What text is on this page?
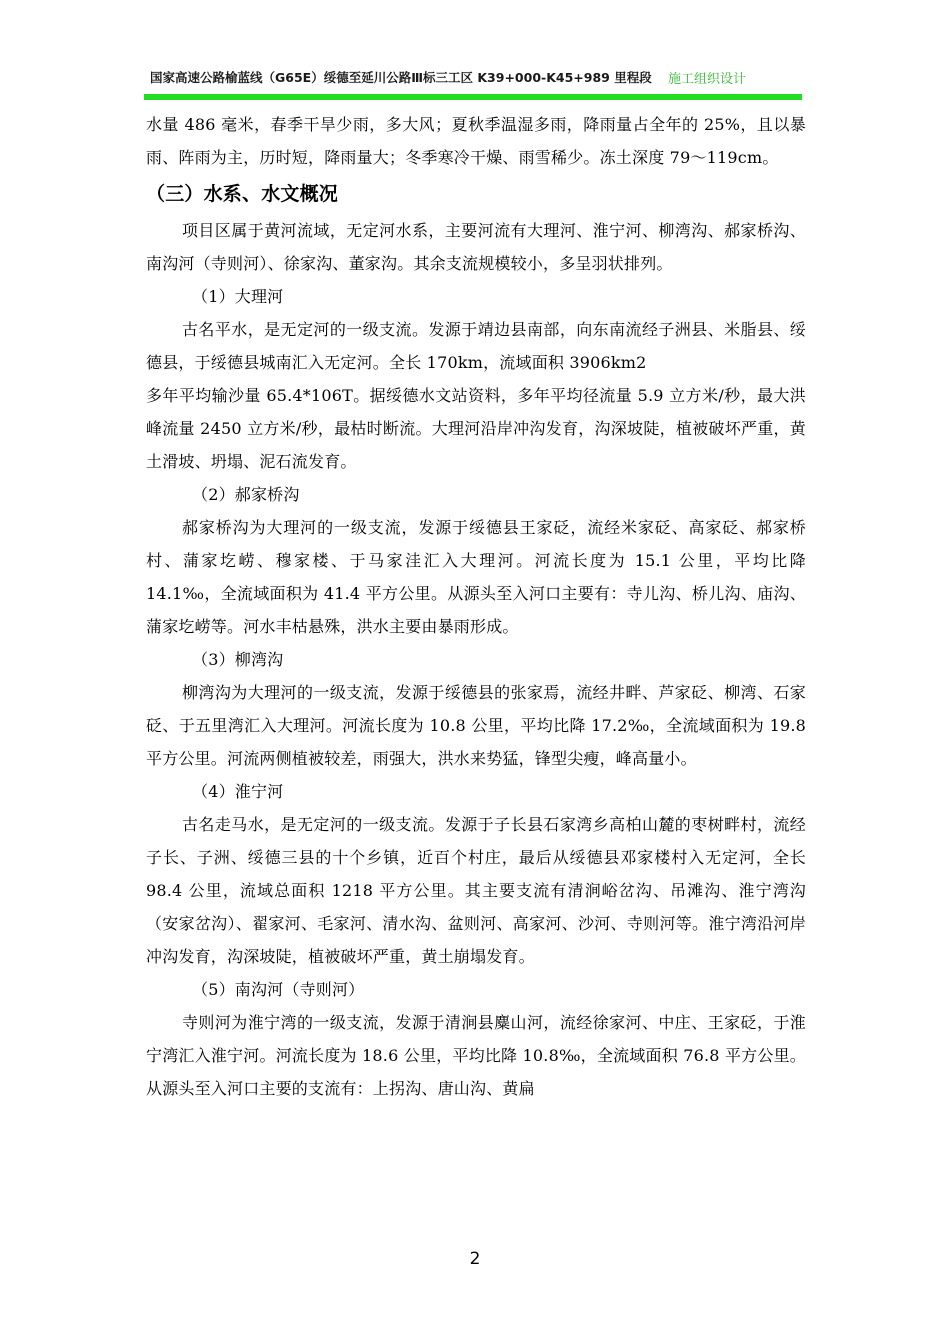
国家高速公路榆蓝线（G65E）绥德至延川公路Ⅲ标三工区 K39+000-K45+989 里程段 施工组织设计

水量 486 毫米，春季干旱少雨，多大风；夏秋季温湿多雨，降雨量占全年的 25%，且以暴雨、阵雨为主，历时短，降雨量大；冬季寒冷干燥、雨雪稀少。冻土深度 79～119cm。

（三）水系、水文概况

项目区属于黄河流域，无定河水系，主要河流有大理河、淮宁河、柳湾沟、郝家桥沟、南沟河（寺则河）、徐家沟、董家沟。其余支流规模较小，多呈羽状排列。

（1）大理河

古名平水，是无定河的一级支流。发源于靖边县南部，向东南流经子洲县、米脂县、绥德县，于绥德县城南汇入无定河。全长 170km，流域面积 3906km2

多年平均输沙量 65.4*106T。据绥德水文站资料，多年平均径流量 5.9 立方米/秒，最大洪峰流量 2450 立方米/秒，最枯时断流。大理河沿岸冲沟发育，沟深坡陡，植被破坏严重，黄土滑坡、坍塌、泥石流发育。

（2）郝家桥沟

郝家桥沟为大理河的一级支流，发源于绥德县王家砭，流经米家砭、高家砭、郝家桥村、蒲家圪崂、穆家楼、于马家洼汇入大理河。河流长度为 15.1 公里，平均比降 14.1‰，全流域面积为 41.4 平方公里。从源头至入河口主要有：寺儿沟、桥儿沟、庙沟、蒲家圪崂等。河水丰枯悬殊，洪水主要由暴雨形成。

（3）柳湾沟

柳湾沟为大理河的一级支流，发源于绥德县的张家焉，流经井畔、芦家砭、柳湾、石家砭、于五里湾汇入大理河。河流长度为 10.8 公里，平均比降 17.2‰，全流域面积为 19.8 平方公里。河流两侧植被较差，雨强大，洪水来势猛，锋型尖瘦，峰高量小。

（4）淮宁河

古名走马水，是无定河的一级支流。发源于子长县石家湾乡高柏山麓的枣树畔村，流经子长、子洲、绥德三县的十个乡镇，近百个村庄，最后从绥德县邓家楼村入无定河，全长 98.4 公里，流域总面积 1218 平方公里。其主要支流有清涧峪岔沟、吊滩沟、淮宁湾沟（安家岔沟）、翟家河、毛家河、清水沟、盆则河、高家河、沙河、寺则河等。淮宁湾沿河岸冲沟发育，沟深坡陡，植被破坏严重，黄土崩塌发育。

（5）南沟河（寺则河）

寺则河为淮宁湾的一级支流，发源于清涧县麋山河，流经徐家河、中庄、王家砭，于淮宁湾汇入淮宁河。河流长度为 18.6 公里，平均比降 10.8‰，全流域面积 76.8 平方公里。从源头至入河口主要的支流有：上拐沟、唐山沟、黄扁

2
